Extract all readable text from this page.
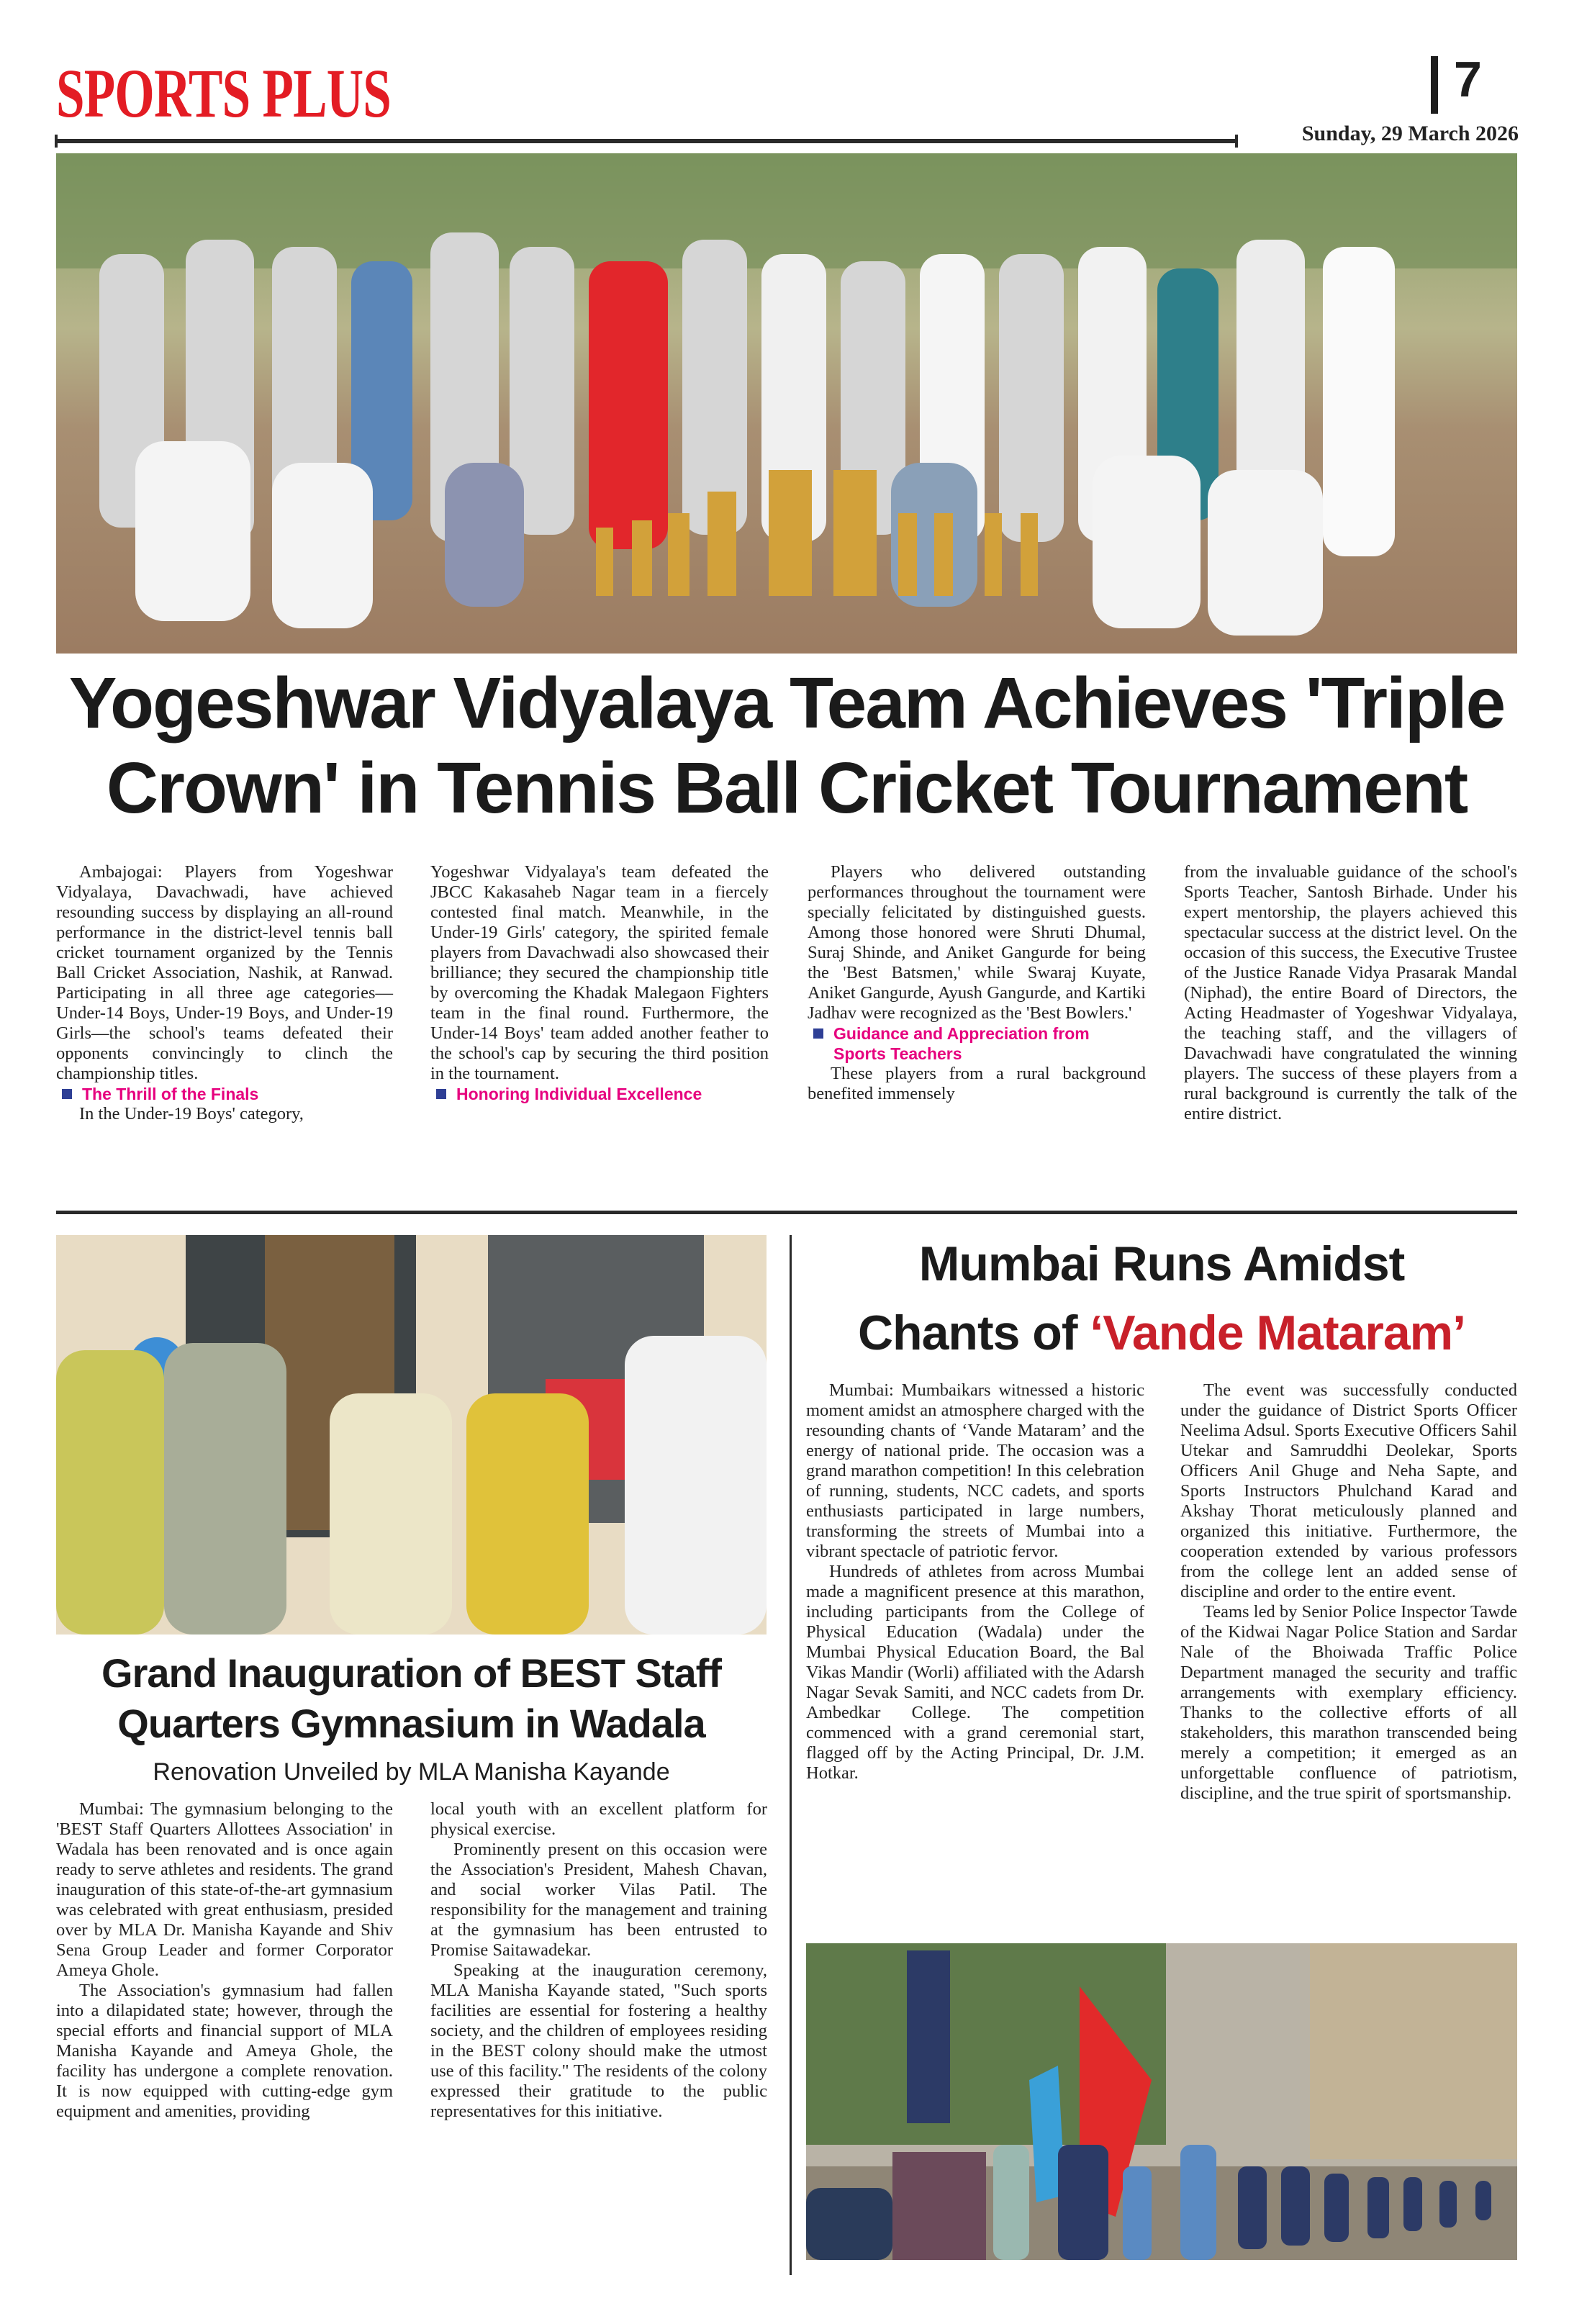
SPORTS PLUS	7
Sunday, 29 March 2026
Yogeshwar Vidyalaya Team Achieves 'Triple
Crown' in Tennis Ball Cricket Tournament

Ambajogai: Players from Yogeshwar Vidyalaya, Davachwadi, have achieved resounding success by displaying an all-round performance in the district-level tennis ball cricket tournament organized by the Tennis Ball Cricket Association, Nashik, at Ranwad. Participating in all three age categories—Under-14 Boys, Under-19 Boys, and Under-19 Girls—the school's teams defeated their opponents convincingly to clinch the championship titles.

The Thrill of the Finals

In the Under-19 Boys' category,

Yogeshwar Vidyalaya's team defeated the JBCC Kakasaheb Nagar team in a fiercely contested final match. Meanwhile, in the Under-19 Girls' category, the spirited female players from Davachwadi also showcased their brilliance; they secured the championship title by overcoming the Khadak Malegaon Fighters team in the final round. Furthermore, the Under-14 Boys' team added another feather to the school's cap by securing the third position in the tournament.

Honoring Individual Excellence

Players who delivered outstanding performances throughout the tournament were specially felicitated by distinguished guests. Among those honored were Shruti Dhumal, Suraj Shinde, and Aniket Gangurde for being the 'Best Batsmen,' while Swaraj Kuyate, Aniket Gangurde, Ayush Gangurde, and Kartiki Jadhav were recognized as the 'Best Bowlers.'

Guidance and Appreciation from Sports Teachers

These players from a rural background benefited immensely

from the invaluable guidance of the school's Sports Teacher, Santosh Birhade. Under his expert mentorship, the players achieved this spectacular success at the district level. On the occasion of this success, the Executive Trustee of the Justice Ranade Vidya Prasarak Mandal (Niphad), the entire Board of Directors, the Acting Headmaster of Yogeshwar Vidyalaya, the teaching staff, and the villagers of Davachwadi have congratulated the winning players. The success of these players from a rural background is currently the talk of the entire district.

Grand Inauguration of BEST Staff
Quarters Gymnasium in Wadala
Renovation Unveiled by MLA Manisha Kayande

Mumbai: The gymnasium belonging to the 'BEST Staff Quarters Allottees Association' in Wadala has been renovated and is once again ready to serve athletes and residents. The grand inauguration of this state-of-the-art gymnasium was celebrated with great enthusiasm, presided over by MLA Dr. Manisha Kayande and Shiv Sena Group Leader and former Corporator Ameya Ghole.

The Association's gymnasium had fallen into a dilapidated state; however, through the special efforts and financial support of MLA Manisha Kayande and Ameya Ghole, the facility has undergone a complete renovation. It is now equipped with cutting-edge gym equipment and amenities, providing

local youth with an excellent platform for physical exercise.

Prominently present on this occasion were the Association's President, Mahesh Chavan, and social worker Vilas Patil. The responsibility for the management and training at the gymnasium has been entrusted to Promise Saitawadekar.

Speaking at the inauguration ceremony, MLA Manisha Kayande stated, "Such sports facilities are essential for fostering a healthy society, and the children of employees residing in the BEST colony should make the utmost use of this facility." The residents of the colony expressed their gratitude to the public representatives for this initiative.

Mumbai Runs Amidst
Chants of ‘Vande Mataram’

Mumbai: Mumbaikars witnessed a historic moment amidst an atmosphere charged with the resounding chants of ‘Vande Mataram’ and the energy of national pride. The occasion was a grand marathon competition! In this celebration of running, students, NCC cadets, and sports enthusiasts participated in large numbers, transforming the streets of Mumbai into a vibrant spectacle of patriotic fervor.

Hundreds of athletes from across Mumbai made a magnificent presence at this marathon, including participants from the College of Physical Education (Wadala) under the Mumbai Physical Education Board, the Bal Vikas Mandir (Worli) affiliated with the Adarsh Nagar Sevak Samiti, and NCC cadets from Dr. Ambedkar College. The competition commenced with a grand ceremonial start, flagged off by the Acting Principal, Dr. J.M. Hotkar.

The event was successfully conducted under the guidance of District Sports Officer Neelima Adsul. Sports Executive Officers Sahil Utekar and Samruddhi Deolekar, Sports Officers Anil Ghuge and Neha Sapte, and Sports Instructors Phulchand Karad and Akshay Thorat meticulously planned and organized this initiative. Furthermore, the cooperation extended by various professors from the college lent an added sense of discipline and order to the entire event.

Teams led by Senior Police Inspector Tawde of the Kidwai Nagar Police Station and Sardar Nale of the Bhoiwada Traffic Police Department managed the security and traffic arrangements with exemplary efficiency. Thanks to the collective efforts of all stakeholders, this marathon transcended being merely a competition; it emerged as an unforgettable confluence of patriotism, discipline, and the true spirit of sportsmanship.
